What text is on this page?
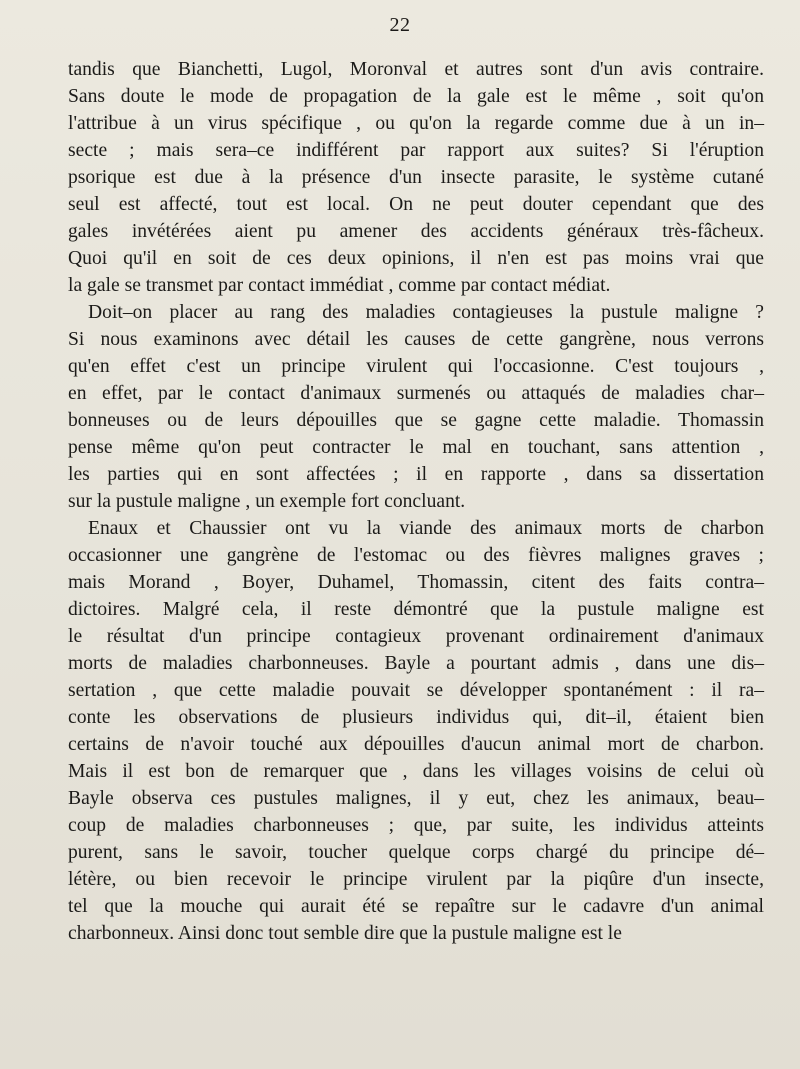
22
tandis que Bianchetti, Lugol, Moronval et autres sont d'un avis contraire.
Sans doute le mode de propagation de la gale est le même , soit qu'on
l'attribue à un virus spécifique , ou qu'on la regarde comme due à un in–
secte ; mais sera–ce indifférent par rapport aux suites? Si l'éruption
psorique est due à la présence d'un insecte parasite, le système cutané
seul est affecté, tout est local. On ne peut douter cependant que des
gales invétérées aient pu amener des accidents généraux très-fâcheux.
Quoi qu'il en soit de ces deux opinions, il n'en est pas moins vrai que
la gale se transmet par contact immédiat , comme par contact médiat.
Doit–on placer au rang des maladies contagieuses la pustule maligne ?
Si nous examinons avec détail les causes de cette gangrène, nous verrons
qu'en effet c'est un principe virulent qui l'occasionne. C'est toujours ,
en effet, par le contact d'animaux surmenés ou attaqués de maladies char–
bonneuses ou de leurs dépouilles que se gagne cette maladie. Thomassin
pense même qu'on peut contracter le mal en touchant, sans attention ,
les parties qui en sont affectées ; il en rapporte , dans sa dissertation
sur la pustule maligne , un exemple fort concluant.
Enaux et Chaussier ont vu la viande des animaux morts de charbon
occasionner une gangrène de l'estomac ou des fièvres malignes graves ;
mais Morand , Boyer, Duhamel, Thomassin, citent des faits contra–
dictoires. Malgré cela, il reste démontré que la pustule maligne est
le résultat d'un principe contagieux provenant ordinairement d'animaux
morts de maladies charbonneuses. Bayle a pourtant admis , dans une dis–
sertation , que cette maladie pouvait se développer spontanément : il ra–
conte les observations de plusieurs individus qui, dit–il, étaient bien
certains de n'avoir touché aux dépouilles d'aucun animal mort de charbon.
Mais il est bon de remarquer que , dans les villages voisins de celui où
Bayle observa ces pustules malignes, il y eut, chez les animaux, beau–
coup de maladies charbonneuses ; que, par suite, les individus atteints
purent, sans le savoir, toucher quelque corps chargé du principe dé–
létère, ou bien recevoir le principe virulent par la piqûre d'un insecte,
tel que la mouche qui aurait été se repaître sur le cadavre d'un animal
charbonneux. Ainsi donc tout semble dire que la pustule maligne est le
